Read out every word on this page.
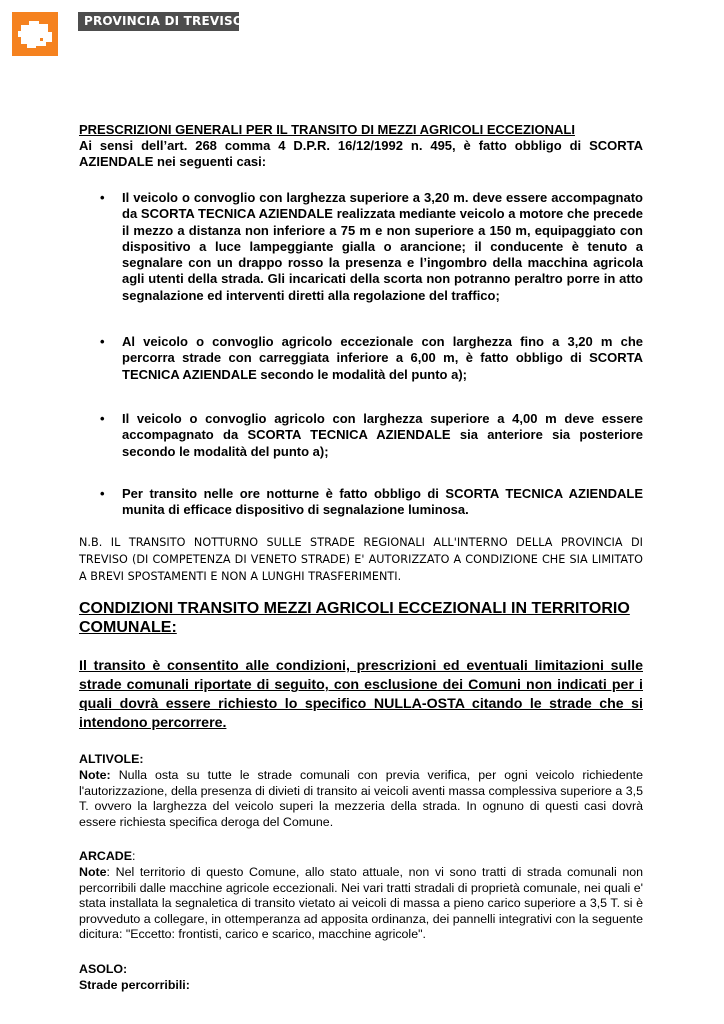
PROVINCIA DI TREVISO
PRESCRIZIONI GENERALI PER IL TRANSITO DI MEZZI AGRICOLI ECCEZIONALI
Ai sensi dell’art. 268 comma 4 D.P.R. 16/12/1992 n. 495, è fatto obbligo di SCORTA AZIENDALE nei seguenti casi:
• Il veicolo o convoglio con larghezza superiore a 3,20 m. deve essere accompagnato da SCORTA TECNICA AZIENDALE realizzata mediante veicolo a motore che precede il mezzo a distanza non inferiore a 75 m e non superiore a 150 m, equipaggiato con dispositivo a luce lampeggiante gialla o arancione; il conducente è tenuto a segnalare con un drappo rosso la presenza e l’ingombro della macchina agricola agli utenti della strada. Gli incaricati della scorta non potranno peraltro porre in atto segnalazione ed interventi diretti alla regolazione del traffico;
• Al veicolo o convoglio agricolo eccezionale con larghezza fino a 3,20 m che percorra strade con carreggiata inferiore a 6,00 m, è fatto obbligo di SCORTA TECNICA AZIENDALE secondo le modalità del punto a);
• Il veicolo o convoglio agricolo con larghezza superiore a 4,00 m deve essere accompagnato da SCORTA TECNICA AZIENDALE sia anteriore sia posteriore secondo le modalità del punto a);
• Per transito nelle ore notturne è fatto obbligo di SCORTA TECNICA AZIENDALE munita di efficace dispositivo di segnalazione luminosa.
N.B. IL TRANSITO NOTTURNO SULLE STRADE REGIONALI ALL'INTERNO DELLA PROVINCIA DI TREVISO (DI COMPETENZA DI VENETO STRADE) E' AUTORIZZATO A CONDIZIONE CHE SIA LIMITATO A BREVI SPOSTAMENTI E NON A LUNGHI TRASFERIMENTI.
CONDIZIONI TRANSITO MEZZI AGRICOLI ECCEZIONALI IN TERRITORIO COMUNALE:
Il transito è consentito alle condizioni, prescrizioni ed eventuali limitazioni sulle strade comunali riportate di seguito, con esclusione dei Comuni non indicati per i quali dovrà essere richiesto lo specifico NULLA-OSTA citando le strade che si intendono percorrere.
ALTIVOLE:
Note: Nulla osta su tutte le strade comunali con previa verifica, per ogni veicolo richiedente l'autorizzazione, della presenza di divieti di transito ai veicoli aventi massa complessiva superiore a 3,5 T. ovvero la larghezza del veicolo superi la mezzeria della strada. In ognuno di questi casi dovrà essere richiesta specifica deroga del Comune.
ARCADE:
Note: Nel territorio di questo Comune, allo stato attuale, non vi sono tratti di strada comunali non percorribili dalle macchine agricole eccezionali. Nei vari tratti stradali di proprietà comunale, nei quali e' stata installata la segnaletica di transito vietato ai veicoli di massa a pieno carico superiore a 3,5 T. si è provveduto a collegare, in ottemperanza ad apposita ordinanza, dei pannelli integrativi con la seguente dicitura: "Eccetto: frontisti, carico e scarico, macchine agricole".
ASOLO:
Strade percorribili:
